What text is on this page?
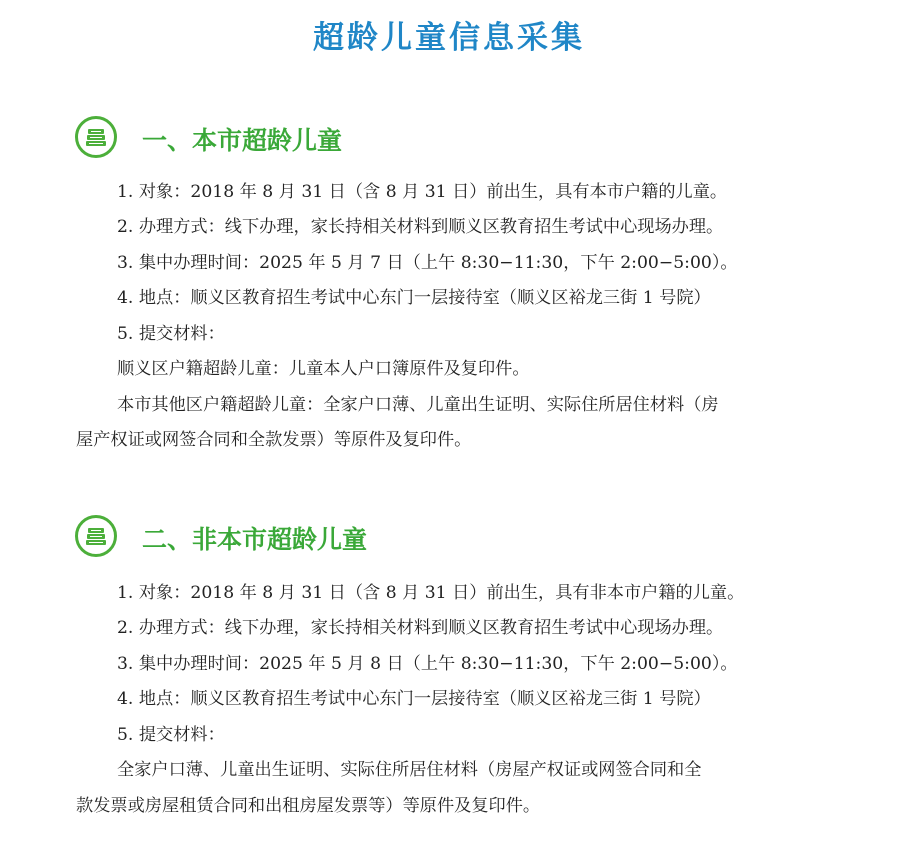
超龄儿童信息采集
一、本市超龄儿童
1. 对象：2018 年 8 月 31 日（含 8 月 31 日）前出生，具有本市户籍的儿童。
2. 办理方式：线下办理，家长持相关材料到顺义区教育招生考试中心现场办理。
3. 集中办理时间：2025 年 5 月 7 日（上午 8:30−11:30，下午 2:00−5:00）。
4. 地点：顺义区教育招生考试中心东门一层接待室（顺义区裕龙三街 1 号院）
5. 提交材料：
顺义区户籍超龄儿童：儿童本人户口簿原件及复印件。
本市其他区户籍超龄儿童：全家户口薄、儿童出生证明、实际住所居住材料（房
屋产权证或网签合同和全款发票）等原件及复印件。
二、非本市超龄儿童
1. 对象：2018 年 8 月 31 日（含 8 月 31 日）前出生，具有非本市户籍的儿童。
2. 办理方式：线下办理，家长持相关材料到顺义区教育招生考试中心现场办理。
3. 集中办理时间：2025 年 5 月 8 日（上午 8:30−11:30，下午 2:00−5:00）。
4. 地点：顺义区教育招生考试中心东门一层接待室（顺义区裕龙三街 1 号院）
5. 提交材料：
全家户口薄、儿童出生证明、实际住所居住材料（房屋产权证或网签合同和全
款发票或房屋租赁合同和出租房屋发票等）等原件及复印件。
